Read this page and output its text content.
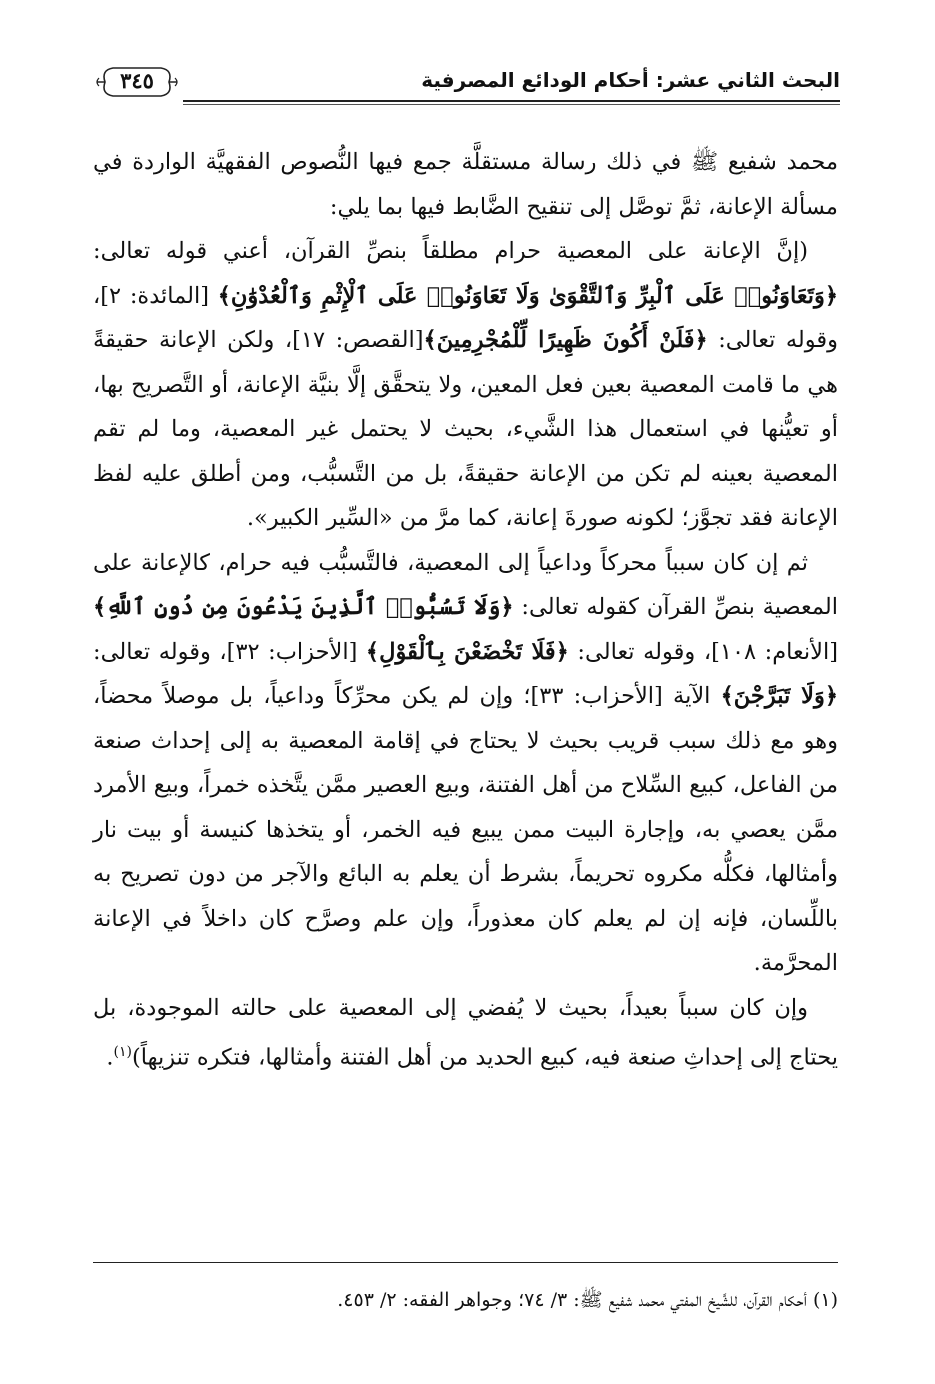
البحث الثاني عشر: أحكام الودائع المصرفية
٣٤٥

محمد شفيع ﷺ في ذلك رسالة مستقلَّة جمع فيها النُّصوص الفقهيَّة الواردة في مسألة الإعانة، ثمَّ توصَّل إلى تنقيح الضَّابط فيها بما يلي:

(إنَّ الإعانة على المعصية حرام مطلقاً بنصِّ القرآن، أعني قوله تعالى: ﴿وَتَعَاوَنُوا۟ عَلَى ٱلْبِرِّ وَٱلتَّقْوَىٰ وَلَا تَعَاوَنُوا۟ عَلَى ٱلْإِثْمِ وَٱلْعُدْوَٰنِ﴾ [المائدة: ٢]، وقوله تعالى: ﴿فَلَنْ أَكُونَ ظَهِيرًا لِّلْمُجْرِمِينَ﴾[القصص: ١٧]، ولكن الإعانة حقيقةً هي ما قامت المعصية بعين فعل المعين، ولا يتحقَّق إلَّا بنيَّة الإعانة، أو التَّصريح بها، أو تعيُّنها في استعمال هذا الشَّيء، بحيث لا يحتمل غير المعصية، وما لم تقم المعصية بعينه لم تكن من الإعانة حقيقةً، بل من التَّسبُّب، ومن أطلق عليه لفظ الإعانة فقد تجوَّز؛ لكونه صورةَ إعانة، كما مرَّ من «السِّير الكبير».

ثم إن كان سبباً محركاً وداعياً إلى المعصية، فالتَّسبُّب فيه حرام، كالإعانة على المعصية بنصِّ القرآن كقوله تعالى: ﴿وَلَا تَسُبُّوا۟ ٱلَّذِينَ يَدْعُونَ مِن دُونِ ٱللَّهِ﴾ [الأنعام: ١٠٨]، وقوله تعالى: ﴿فَلَا تَخْضَعْنَ بِٱلْقَوْلِ﴾ [الأحزاب: ٣٢]، وقوله تعالى: ﴿وَلَا تَبَرَّجْنَ﴾ الآية [الأحزاب: ٣٣]؛ وإن لم يكن محرِّكاً وداعياً، بل موصلاً محضاً، وهو مع ذلك سبب قريب بحيث لا يحتاج في إقامة المعصية به إلى إحداث صنعة من الفاعل، كبيع السِّلاح من أهل الفتنة، وبيع العصير ممَّن يتَّخذه خمراً، وبيع الأمرد ممَّن يعصي به، وإجارة البيت ممن يبيع فيه الخمر، أو يتخذها كنيسة أو بيت نار وأمثالها، فكلُّه مكروه تحريماً، بشرط أن يعلم به البائع والآجر من دون تصريح به باللِّسان، فإنه إن لم يعلم كان معذوراً، وإن علم وصرَّح كان داخلاً في الإعانة المحرَّمة.

وإن كان سبباً بعيداً، بحيث لا يُفضي إلى المعصية على حالته الموجودة، بل يحتاج إلى إحداثِ صنعة فيه، كبيع الحديد من أهل الفتنة وأمثالها، فتكره تنزيهاً)$^{(١)}$.

(١) أحكام القرآن، للشَّيخ المفتي محمد شفيع ﷺ: ٣/ ٧٤؛ وجواهر الفقه: ٢/ ٤٥٣.
